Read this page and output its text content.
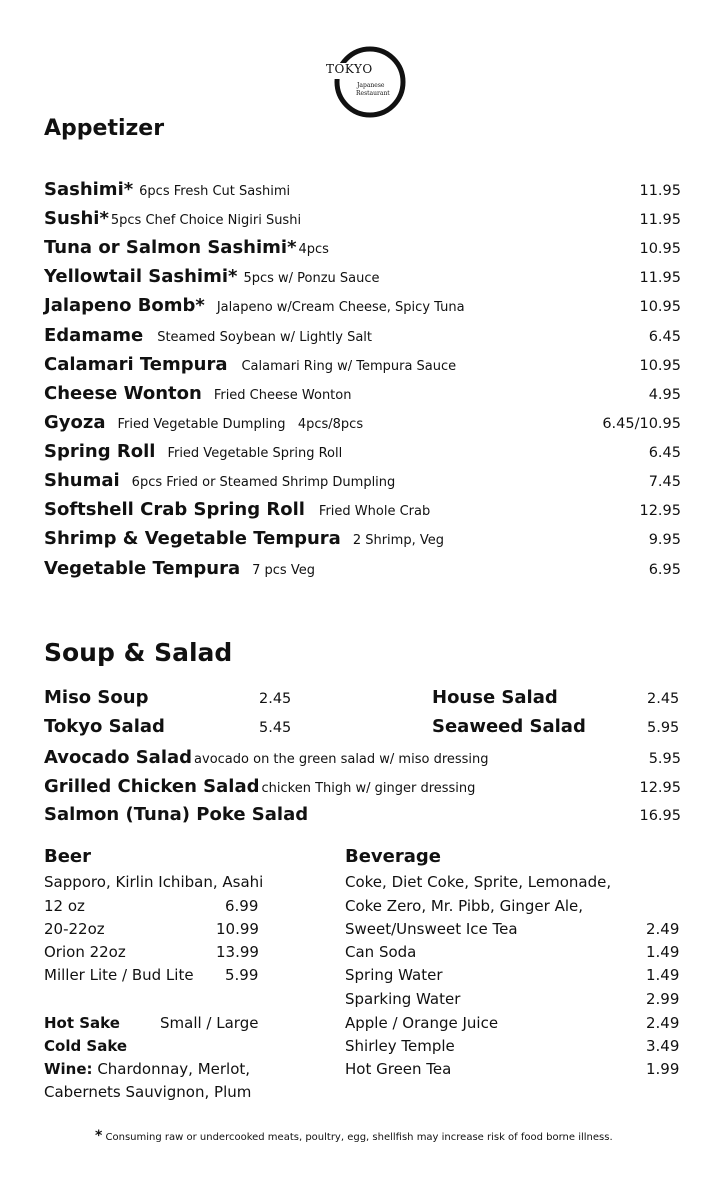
TOKYO
Japanese
Restaurant
Appetizer
Sashimi* 6pcs Fresh Cut Sashimi	11.95
Sushi* 5pcs Chef Choice Nigiri Sushi	11.95
Tuna or Salmon Sashimi* 4pcs	10.95
Yellowtail Sashimi* 5pcs w/ Ponzu Sauce	11.95
Jalapeno Bomb* Jalapeno w/Cream Cheese, Spicy Tuna	10.95
Edamame Steamed Soybean w/ Lightly Salt	6.45
Calamari Tempura Calamari Ring w/ Tempura Sauce	10.95
Cheese Wonton Fried Cheese Wonton	4.95
Gyoza Fried Vegetable Dumpling   4pcs/8pcs	6.45/10.95
Spring Roll Fried Vegetable Spring Roll	6.45
Shumai 6pcs Fried or Steamed Shrimp Dumpling	7.45
Softshell Crab Spring Roll Fried Whole Crab	12.95
Shrimp & Vegetable Tempura 2 Shrimp, Veg	9.95
Vegetable Tempura 7 pcs Veg	6.95
Soup & Salad
Miso Soup	2.45	House Salad	2.45
Tokyo Salad	5.45	Seaweed Salad	5.95
Avocado Salad avocado on the green salad w/ miso dressing	5.95
Grilled Chicken Salad chicken Thigh w/ ginger dressing	12.95
Salmon (Tuna) Poke Salad	16.95
Beer
Sapporo, Kirlin Ichiban, Asahi
12 oz	6.99
20-22oz	10.99
Orion 22oz	13.99
Miller Lite / Bud Lite 5.99
Hot Sake	Small / Large
Cold Sake
Wine: Chardonnay, Merlot,
Cabernets Sauvignon, Plum
Beverage
Coke, Diet Coke, Sprite, Lemonade,
Coke Zero, Mr. Pibb, Ginger Ale,
Sweet/Unsweet Ice Tea	2.49
Can Soda	1.49
Spring Water	1.49
Sparking Water	2.99
Apple / Orange Juice	2.49
Shirley Temple	3.49
Hot Green Tea	1.99
* Consuming raw or undercooked meats, poultry, egg, shellfish may increase risk of food borne illness.
